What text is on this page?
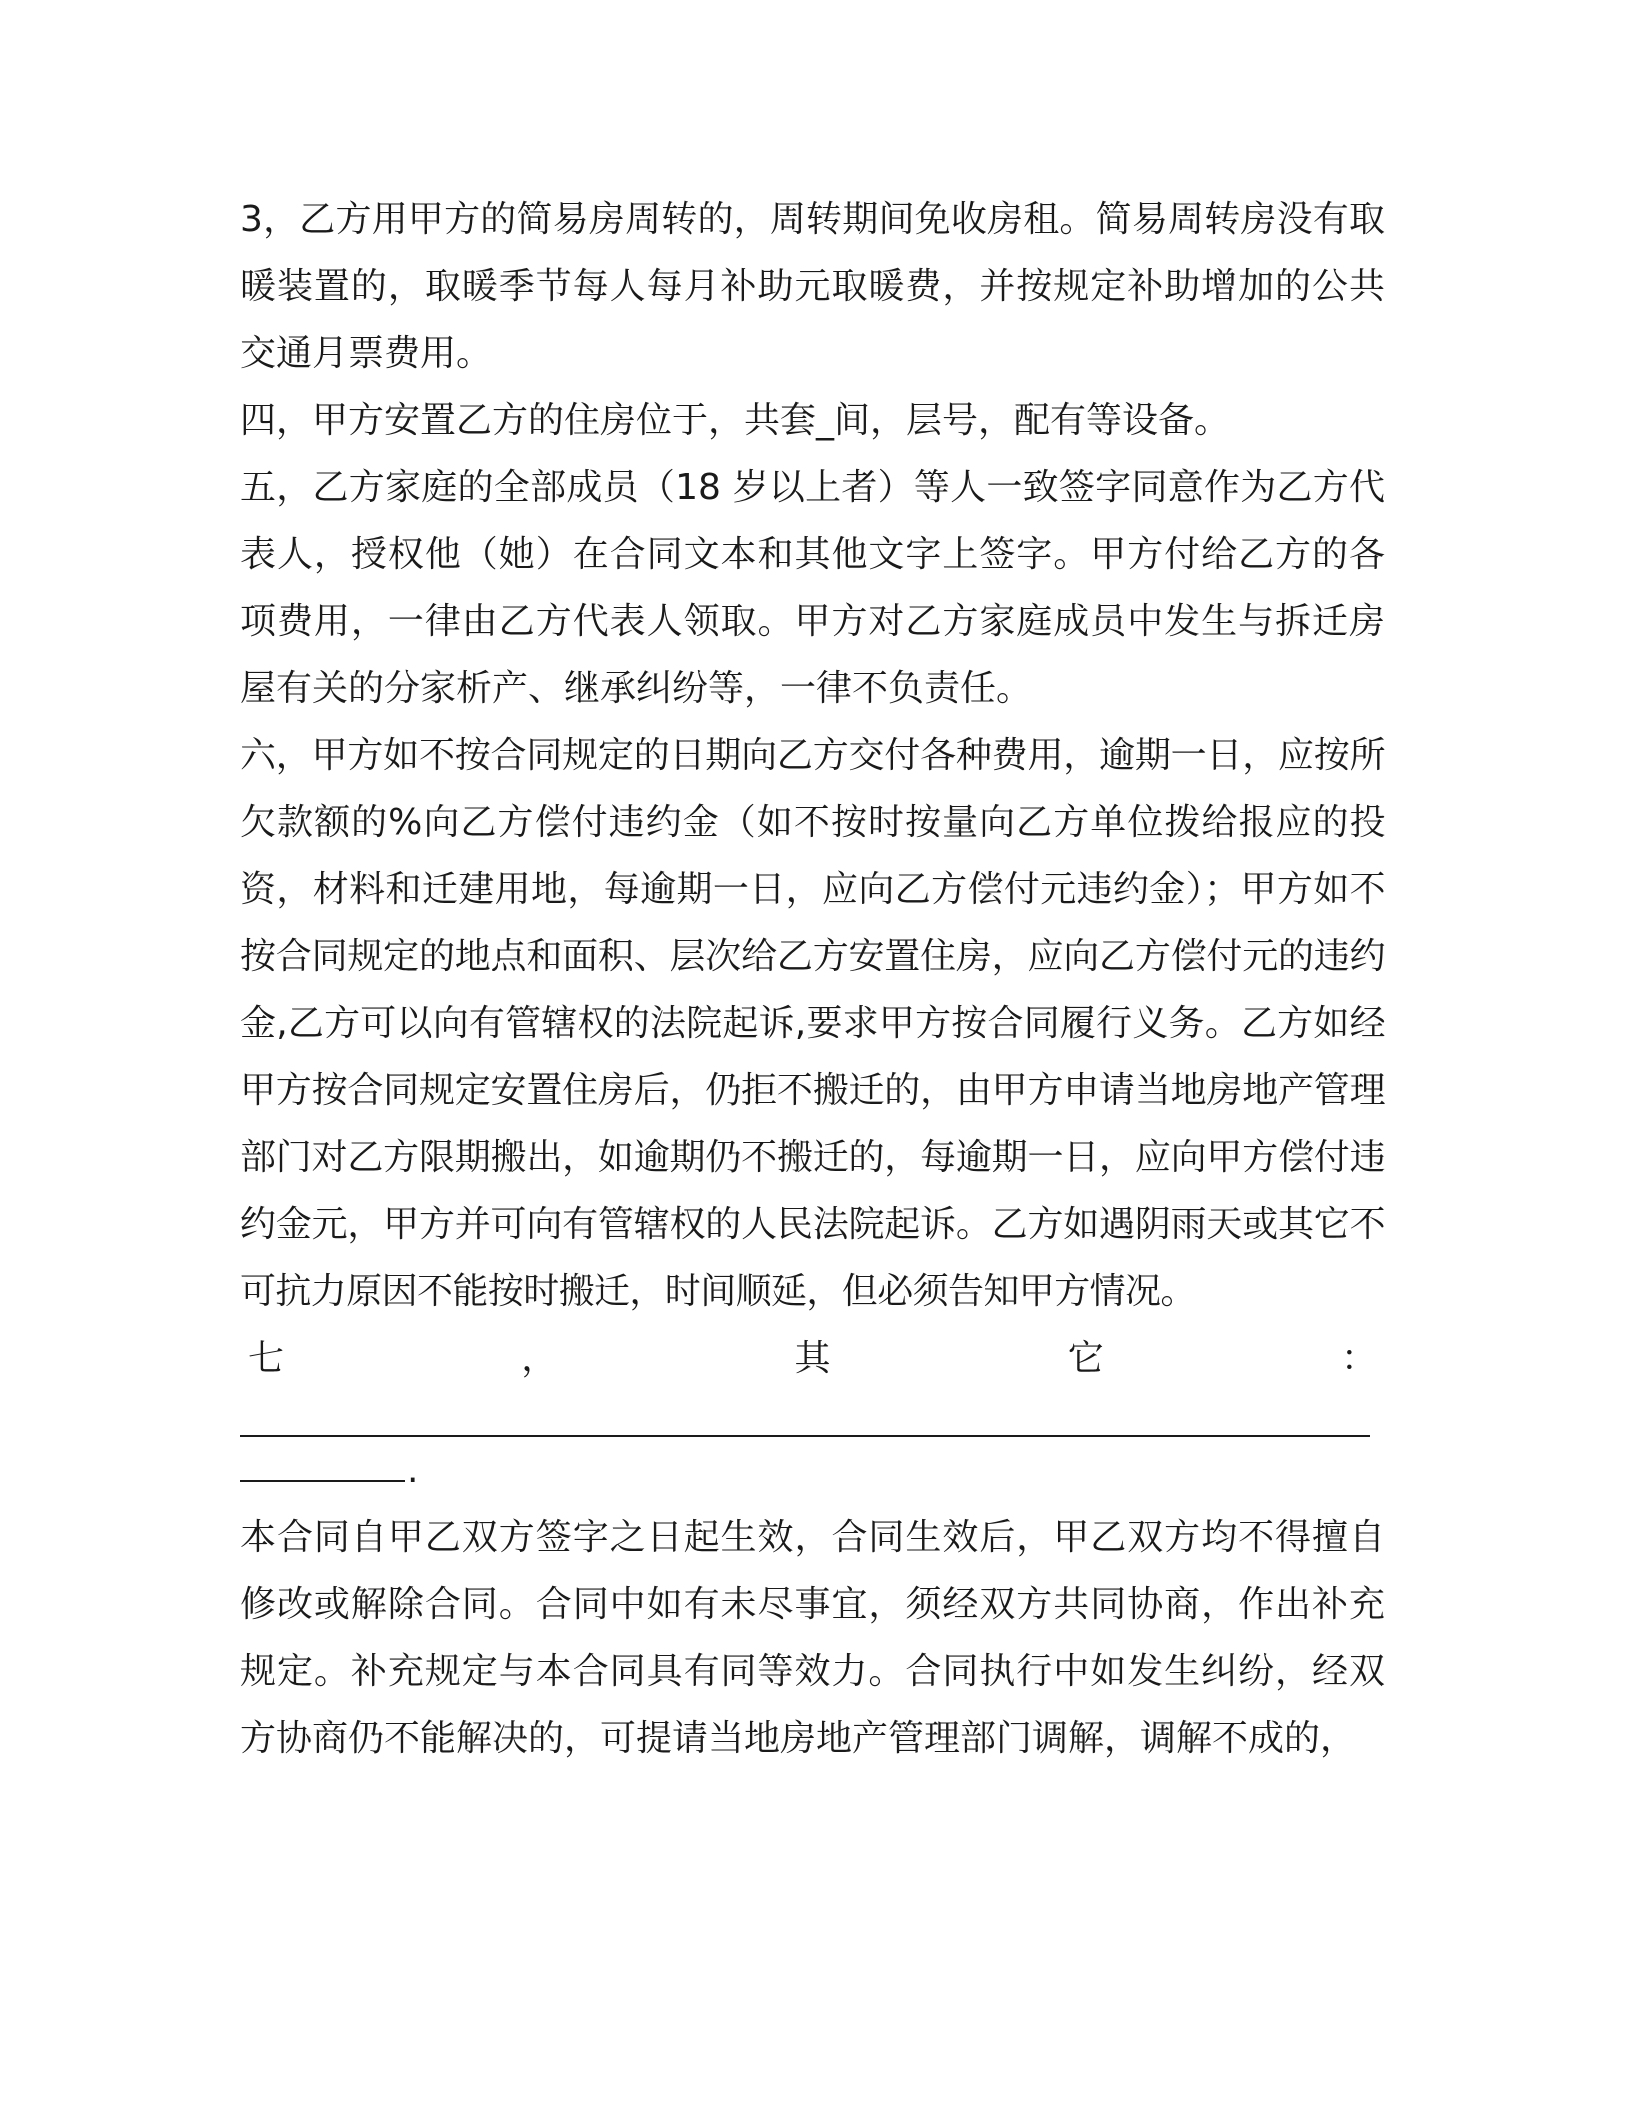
3，乙方用甲方的简易房周转的，周转期间免收房租。简易周转房没有取暖装置的，取暖季节每人每月补助元取暖费，并按规定补助增加的公共交通月票费用。

四，甲方安置乙方的住房位于，共套_间，层号，配有等设备。

五，乙方家庭的全部成员（18 岁以上者）等人一致签字同意作为乙方代表人，授权他（她）在合同文本和其他文字上签字。甲方付给乙方的各项费用，一律由乙方代表人领取。甲方对乙方家庭成员中发生与拆迁房屋有关的分家析产、继承纠纷等，一律不负责任。

六，甲方如不按合同规定的日期向乙方交付各种费用，逾期一日，应按所欠款额的%向乙方偿付违约金（如不按时按量向乙方单位拨给报应的投资，材料和迁建用地，每逾期一日，应向乙方偿付元违约金）；甲方如不按合同规定的地点和面积、层次给乙方安置住房，应向乙方偿付元的违约金,乙方可以向有管辖权的法院起诉,要求甲方按合同履行义务。乙方如经甲方按合同规定安置住房后，仍拒不搬迁的，由甲方申请当地房地产管理部门对乙方限期搬出，如逾期仍不搬迁的，每逾期一日，应向甲方偿付违约金元，甲方并可向有管辖权的人民法院起诉。乙方如遇阴雨天或其它不可抗力原因不能按时搬迁，时间顺延，但必须告知甲方情况。

七	，	其	它	：
.

本合同自甲乙双方签字之日起生效，合同生效后，甲乙双方均不得擅自修改或解除合同。合同中如有未尽事宜，须经双方共同协商，作出补充规定。补充规定与本合同具有同等效力。合同执行中如发生纠纷，经双方协商仍不能解决的，可提请当地房地产管理部门调解，调解不成的，
